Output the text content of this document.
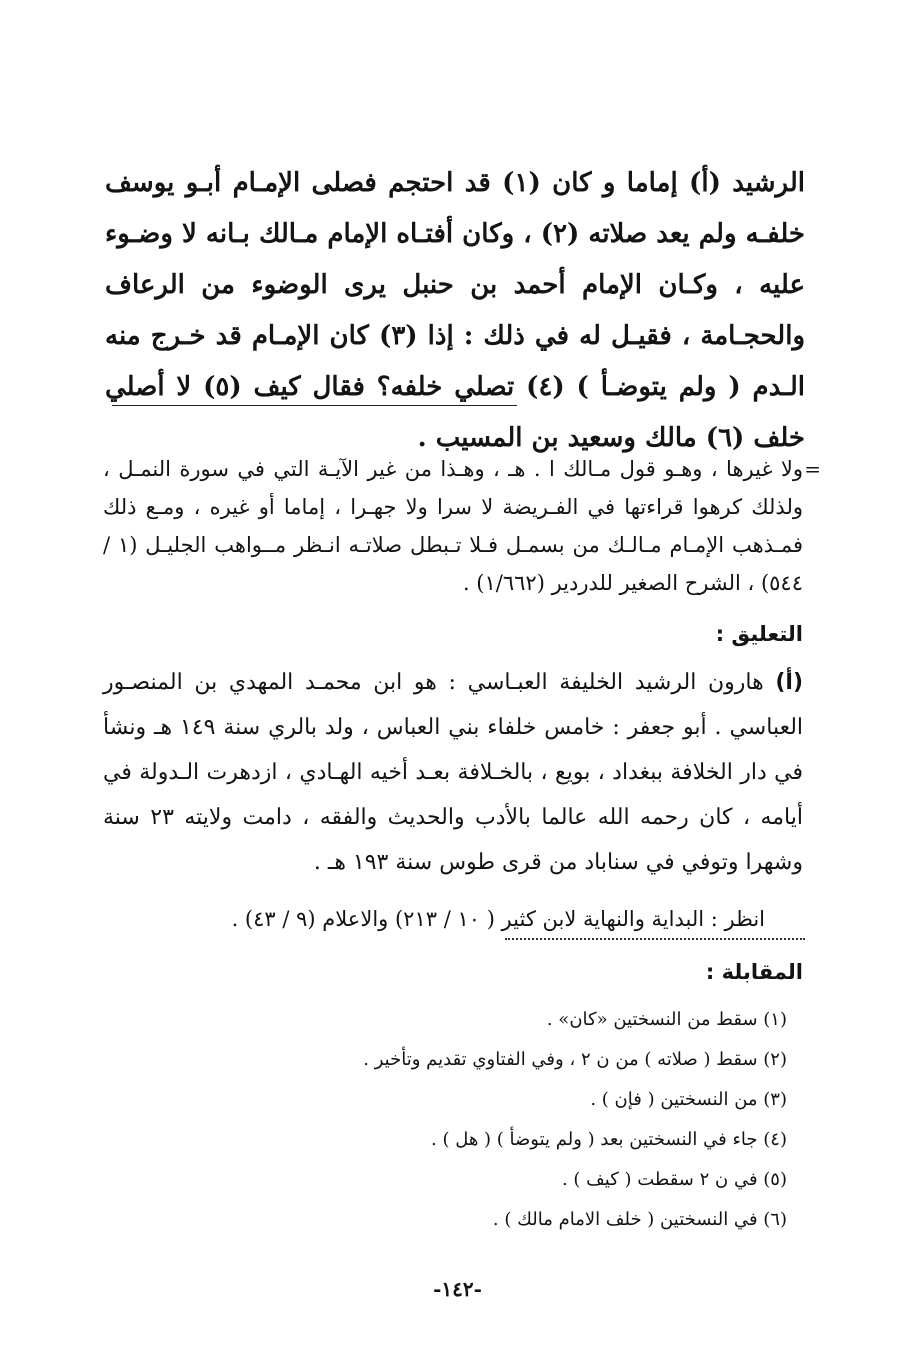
الرشيد (أ) إماما و كان (١) قد احتجم فصلى الإمـام أبـو يوسف خلفـه ولم يعد صلاته (٢) ، وكان أفتـاه الإمام مـالك بـانه لا وضـوء عليه ، وكـان الإمام أحمد بن حنبل يرى الوضوء من الرعاف والحجـامة ، فقيـل له في ذلك : إذا (٣) كان الإمـام قد خـرج منه الـدم ( ولم يتوضـأ ) (٤) تصلي خلفه؟ فقال كيف (٥) لا أصلي خلف (٦) مالك وسعيد بن المسيب .

=
ولا غيرها ، وهـو قول مـالك ا . هـ ، وهـذا من غير الآيـة التي في سورة النمـل ، ولذلك كرهوا قراءتها في الفـريضة لا سرا ولا جهـرا ، إماما أو غيره ، ومـع ذلك فمـذهب الإمـام مـالـك من بسمـل فـلا تـبطل صلاتـه انـظر مــواهب الجليـل (١ / ٥٤٤) ، الشرح الصغير للدردير (١/٦٦٢) .
التعليق :
(أ) هارون الرشيد الخليفة العبـاسي : هو ابن محمـد المهدي بن المنصـور العباسي . أبو جعفر : خامس خلفاء بني العباس ، ولد بالري سنة ١٤٩ هـ ونشأ في دار الخلافة ببغداد ، بويع ، بالخـلافة بعـد أخيه الهـادي ، ازدهرت الـدولة في أيامه ، كان رحمه الله عالما بالأدب والحديث والفقه ، دامت ولايته ٢٣ سنة وشهرا وتوفي في سناباد من قرى طوس سنة ١٩٣ هـ .
انظر : البداية والنهاية لابن كثير ( ١٠ / ٢١٣) والاعلام (٩ / ٤٣) .
المقابلة :
(١) سقط من النسختين «كان» .
(٢) سقط ( صلاته ) من ن ٢ ، وفي الفتاوي تقديم وتأخير .
(٣) من النسختين ( فإن ) .
(٤) جاء في النسختين بعد ( ولم يتوضأ ) ( هل ) .
(٥) في ن ٢ سقطت ( كيف ) .
(٦) في النسختين ( خلف الامام مالك ) .
-١٤٢-
